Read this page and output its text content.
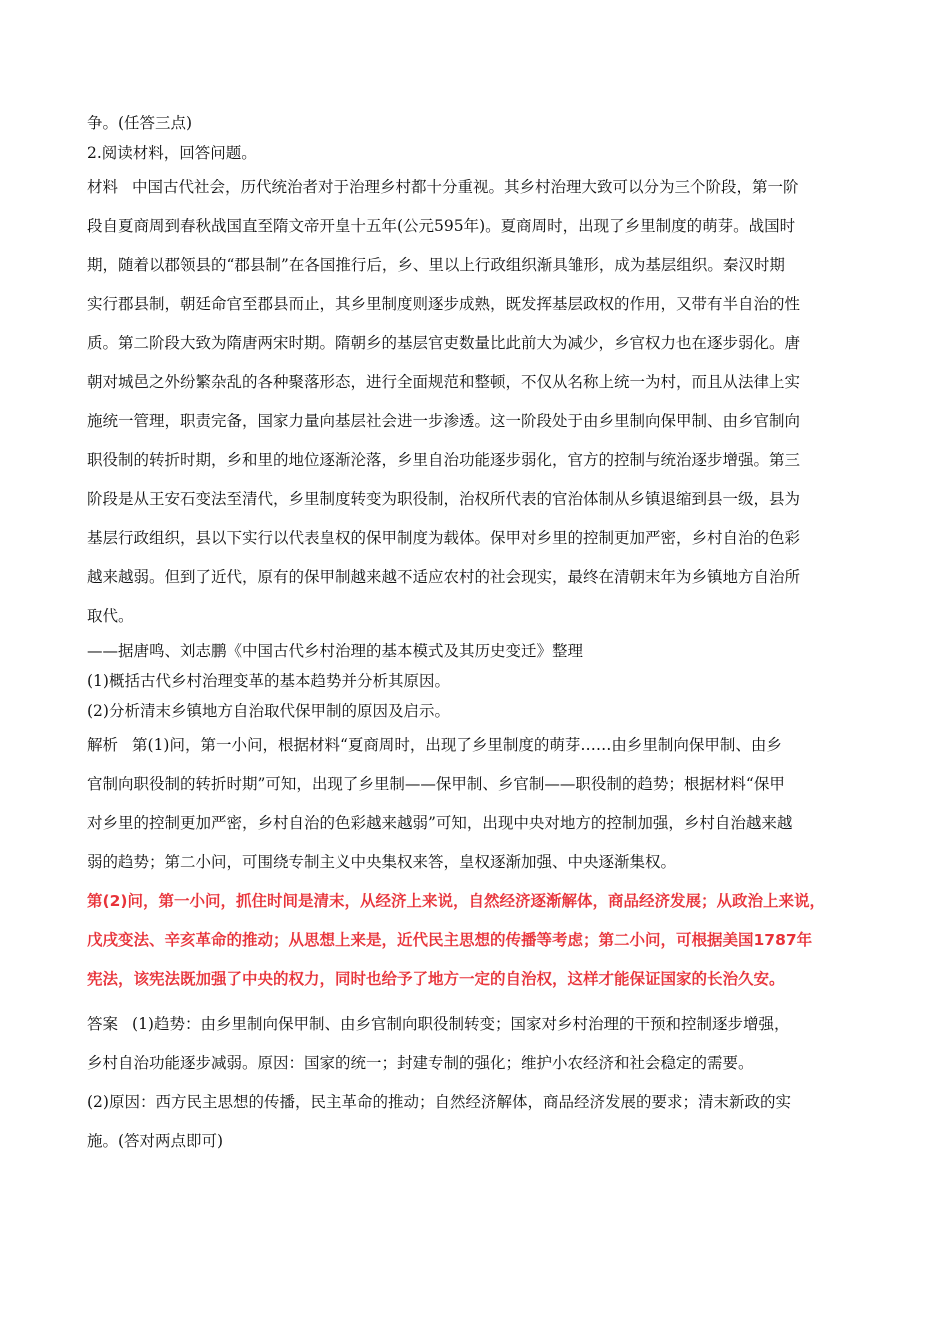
争。(任答三点)
2.阅读材料，回答问题。
材料 中国古代社会，历代统治者对于治理乡村都十分重视。其乡村治理大致可以分为三个阶段，第一阶
段自夏商周到春秋战国直至隋文帝开皇十五年(公元595年)。夏商周时，出现了乡里制度的萌芽。战国时
期，随着以郡领县的“郡县制”在各国推行后，乡、里以上行政组织渐具雏形，成为基层组织。秦汉时期
实行郡县制，朝廷命官至郡县而止，其乡里制度则逐步成熟，既发挥基层政权的作用，又带有半自治的性
质。第二阶段大致为隋唐两宋时期。隋朝乡的基层官吏数量比此前大为减少，乡官权力也在逐步弱化。唐
朝对城邑之外纷繁杂乱的各种聚落形态，进行全面规范和整顿，不仅从名称上统一为村，而且从法律上实
施统一管理，职责完备，国家力量向基层社会进一步渗透。这一阶段处于由乡里制向保甲制、由乡官制向
职役制的转折时期，乡和里的地位逐渐沦落，乡里自治功能逐步弱化，官方的控制与统治逐步增强。第三
阶段是从王安石变法至清代，乡里制度转变为职役制，治权所代表的官治体制从乡镇退缩到县一级，县为
基层行政组织，县以下实行以代表皇权的保甲制度为载体。保甲对乡里的控制更加严密，乡村自治的色彩
越来越弱。但到了近代，原有的保甲制越来越不适应农村的社会现实，最终在清朝末年为乡镇地方自治所
取代。
——据唐鸣、刘志鹏《中国古代乡村治理的基本模式及其历史变迁》整理
(1)概括古代乡村治理变革的基本趋势并分析其原因。
(2)分析清末乡镇地方自治取代保甲制的原因及启示。
解析 第(1)问，第一小问，根据材料“夏商周时，出现了乡里制度的萌芽……由乡里制向保甲制、由乡
官制向职役制的转折时期”可知，出现了乡里制——保甲制、乡官制——职役制的趋势；根据材料“保甲
对乡里的控制更加严密，乡村自治的色彩越来越弱”可知，出现中央对地方的控制加强，乡村自治越来越
弱的趋势；第二小问，可围绕专制主义中央集权来答，皇权逐渐加强、中央逐渐集权。
第(2)问，第一小问，抓住时间是清末，从经济上来说，自然经济逐渐解体，商品经济发展；从政治上来说，
戊戌变法、辛亥革命的推动；从思想上来是，近代民主思想的传播等考虑；第二小问，可根据美国1787年
宪法，该宪法既加强了中央的权力，同时也给予了地方一定的自治权，这样才能保证国家的长治久安。
答案 (1)趋势：由乡里制向保甲制、由乡官制向职役制转变；国家对乡村治理的干预和控制逐步增强，
乡村自治功能逐步减弱。原因：国家的统一；封建专制的强化；维护小农经济和社会稳定的需要。
(2)原因：西方民主思想的传播，民主革命的推动；自然经济解体，商品经济发展的要求；清末新政的实
施。(答对两点即可)
